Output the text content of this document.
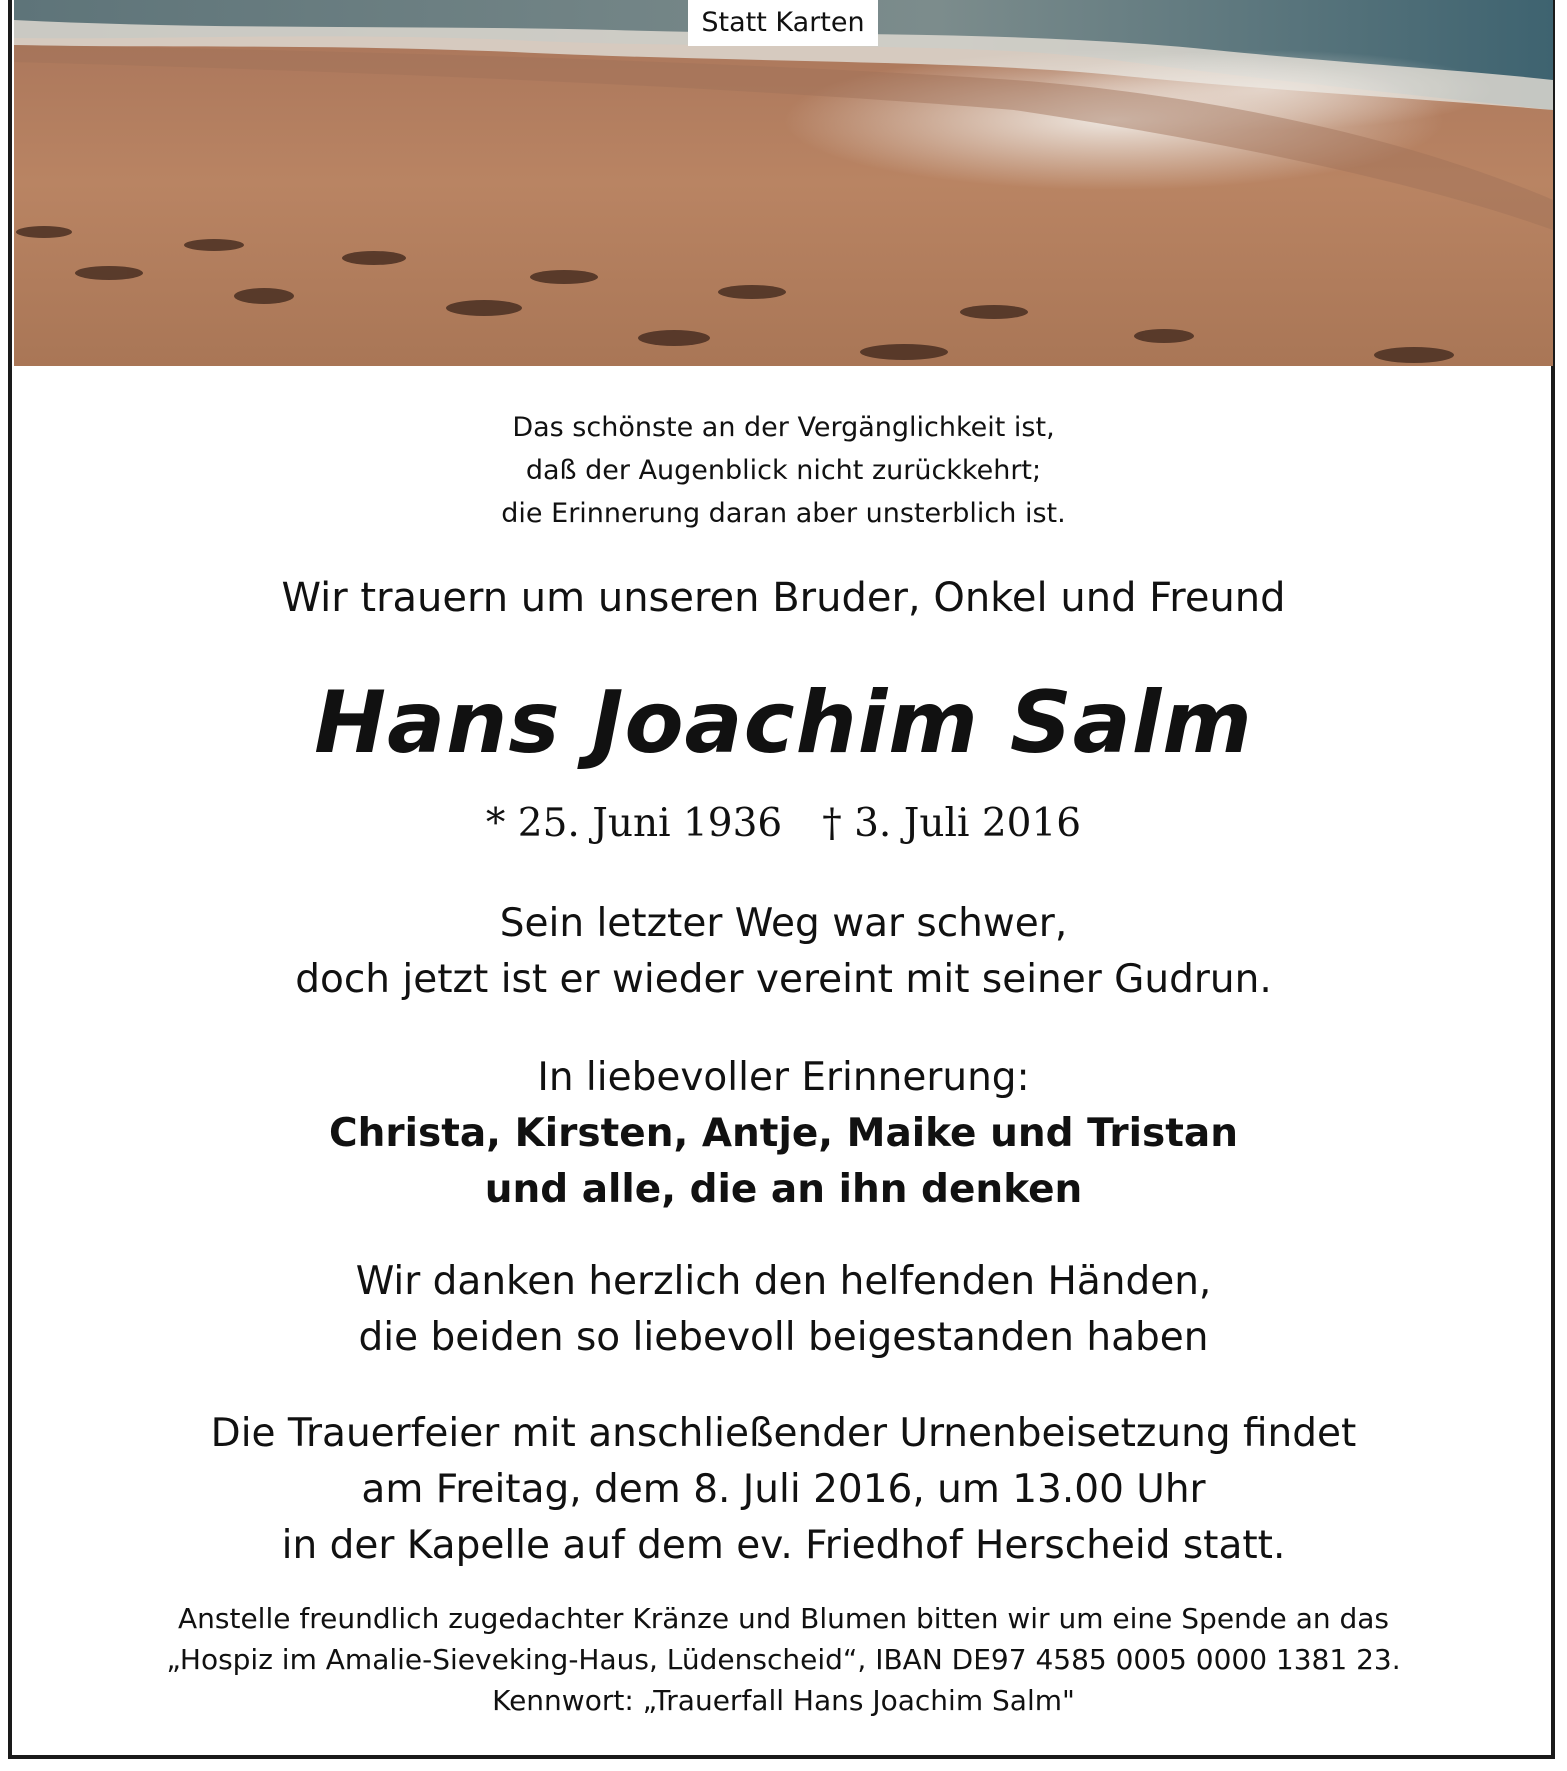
Statt Karten
Das schönste an der Vergänglichkeit ist,
daß der Augenblick nicht zurückkehrt;
die Erinnerung daran aber unsterblich ist.
Wir trauern um unseren Bruder, Onkel und Freund
Hans Joachim Salm
* 25. Juni 1936 † 3. Juli 2016
Sein letzter Weg war schwer,
doch jetzt ist er wieder vereint mit seiner Gudrun.
In liebevoller Erinnerung:
Christa, Kirsten, Antje, Maike und Tristan
und alle, die an ihn denken
Wir danken herzlich den helfenden Händen,
die beiden so liebevoll beigestanden haben
Die Trauerfeier mit anschließender Urnenbeisetzung findet
am Freitag, dem 8. Juli 2016, um 13.00 Uhr
in der Kapelle auf dem ev. Friedhof Herscheid statt.
Anstelle freundlich zugedachter Kränze und Blumen bitten wir um eine Spende an das
„Hospiz im Amalie-Sieveking-Haus, Lüdenscheid“, IBAN DE97 4585 0005 0000 1381 23.
Kennwort: „Trauerfall Hans Joachim Salm"
